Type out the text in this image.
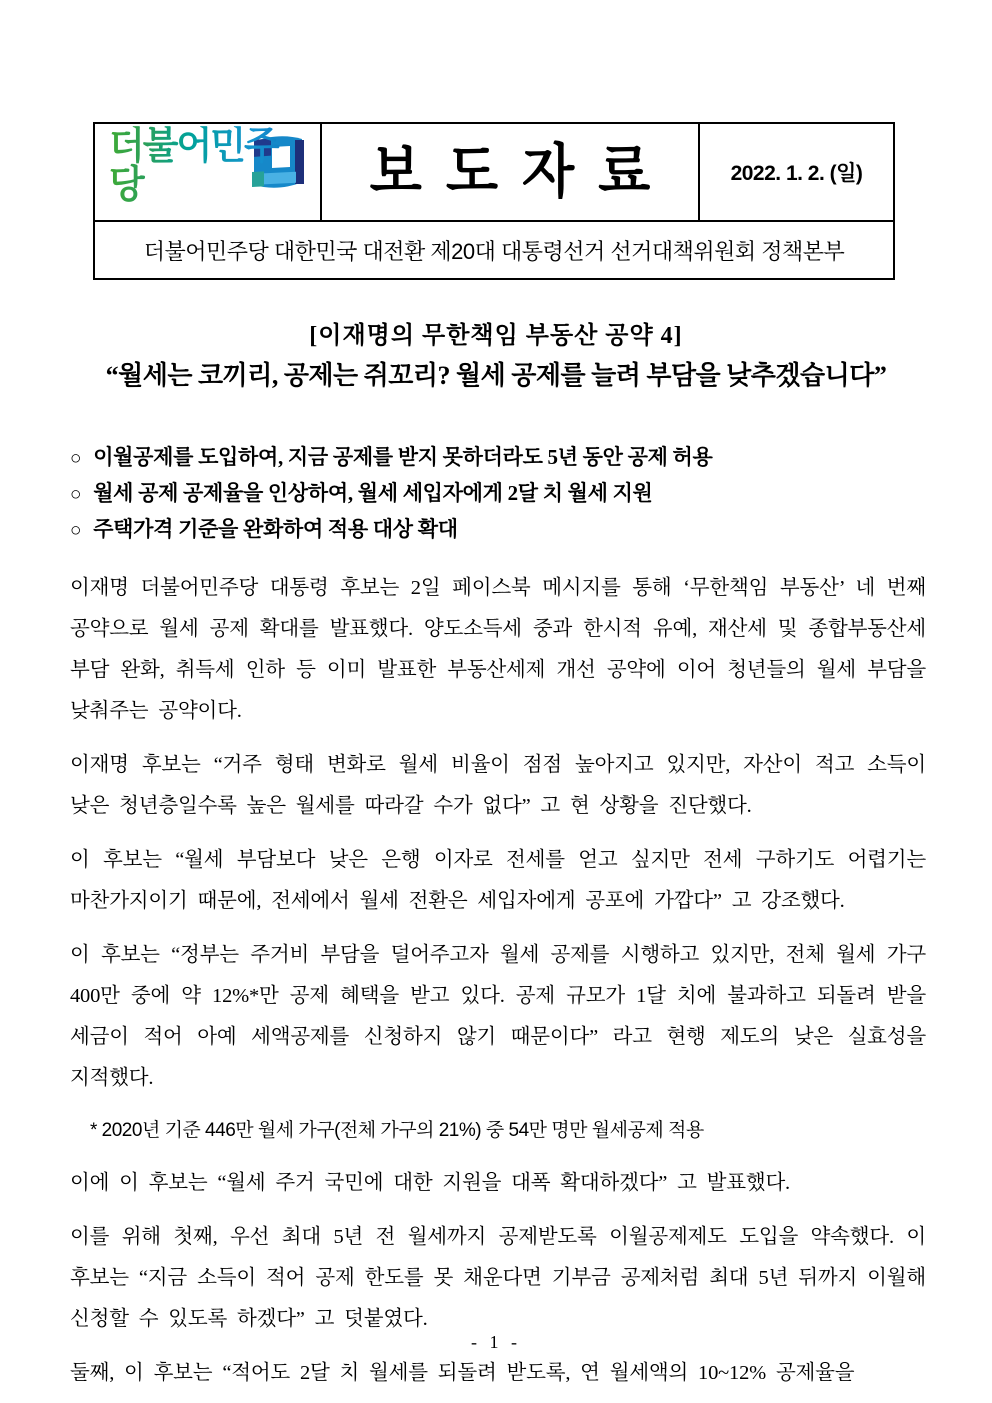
더불어민주당	보도자료	2022. 1. 2. (일)
더불어민주당 대한민국 대전환 제20대 대통령선거 선거대책위원회 정책본부
[이재명의 무한책임 부동산 공약 4]
“월세는 코끼리, 공제는 쥐꼬리? 월세 공제를 늘려 부담을 낮추겠습니다”
○ 이월공제를 도입하여, 지금 공제를 받지 못하더라도 5년 동안 공제 허용
○ 월세 공제 공제율을 인상하여, 월세 세입자에게 2달 치 월세 지원
○ 주택가격 기준을 완화하여 적용 대상 확대

이재명 더불어민주당 대통령 후보는 2일 페이스북 메시지를 통해 ‘무한책임 부동산’ 네 번째 공약으로 월세 공제 확대를 발표했다. 양도소득세 중과 한시적 유예, 재산세 및 종합부동산세 부담 완화, 취득세 인하 등 이미 발표한 부동산세제 개선 공약에 이어 청년들의 월세 부담을 낮춰주는 공약이다.

이재명 후보는 “거주 형태 변화로 월세 비율이 점점 높아지고 있지만, 자산이 적고 소득이 낮은 청년층일수록 높은 월세를 따라갈 수가 없다” 고 현 상황을 진단했다.

이 후보는 “월세 부담보다 낮은 은행 이자로 전세를 얻고 싶지만 전세 구하기도 어렵기는 마찬가지이기 때문에, 전세에서 월세 전환은 세입자에게 공포에 가깝다” 고 강조했다.

이 후보는 “정부는 주거비 부담을 덜어주고자 월세 공제를 시행하고 있지만, 전체 월세 가구 400만 중에 약 12%*만 공제 혜택을 받고 있다. 공제 규모가 1달 치에 불과하고 되돌려 받을 세금이 적어 아예 세액공제를 신청하지 않기 때문이다” 라고 현행 제도의 낮은 실효성을 지적했다.

* 2020년 기준 446만 월세 가구(전체 가구의 21%) 중 54만 명만 월세공제 적용

이에 이 후보는 “월세 주거 국민에 대한 지원을 대폭 확대하겠다” 고 발표했다.

이를 위해 첫째, 우선 최대 5년 전 월세까지 공제받도록 이월공제제도 도입을 약속했다. 이 후보는 “지금 소득이 적어 공제 한도를 못 채운다면 기부금 공제처럼 최대 5년 뒤까지 이월해 신청할 수 있도록 하겠다” 고 덧붙였다.

둘째, 이 후보는 “적어도 2달 치 월세를 되돌려 받도록, 연 월세액의 10~12% 공제율을

- 1 -
